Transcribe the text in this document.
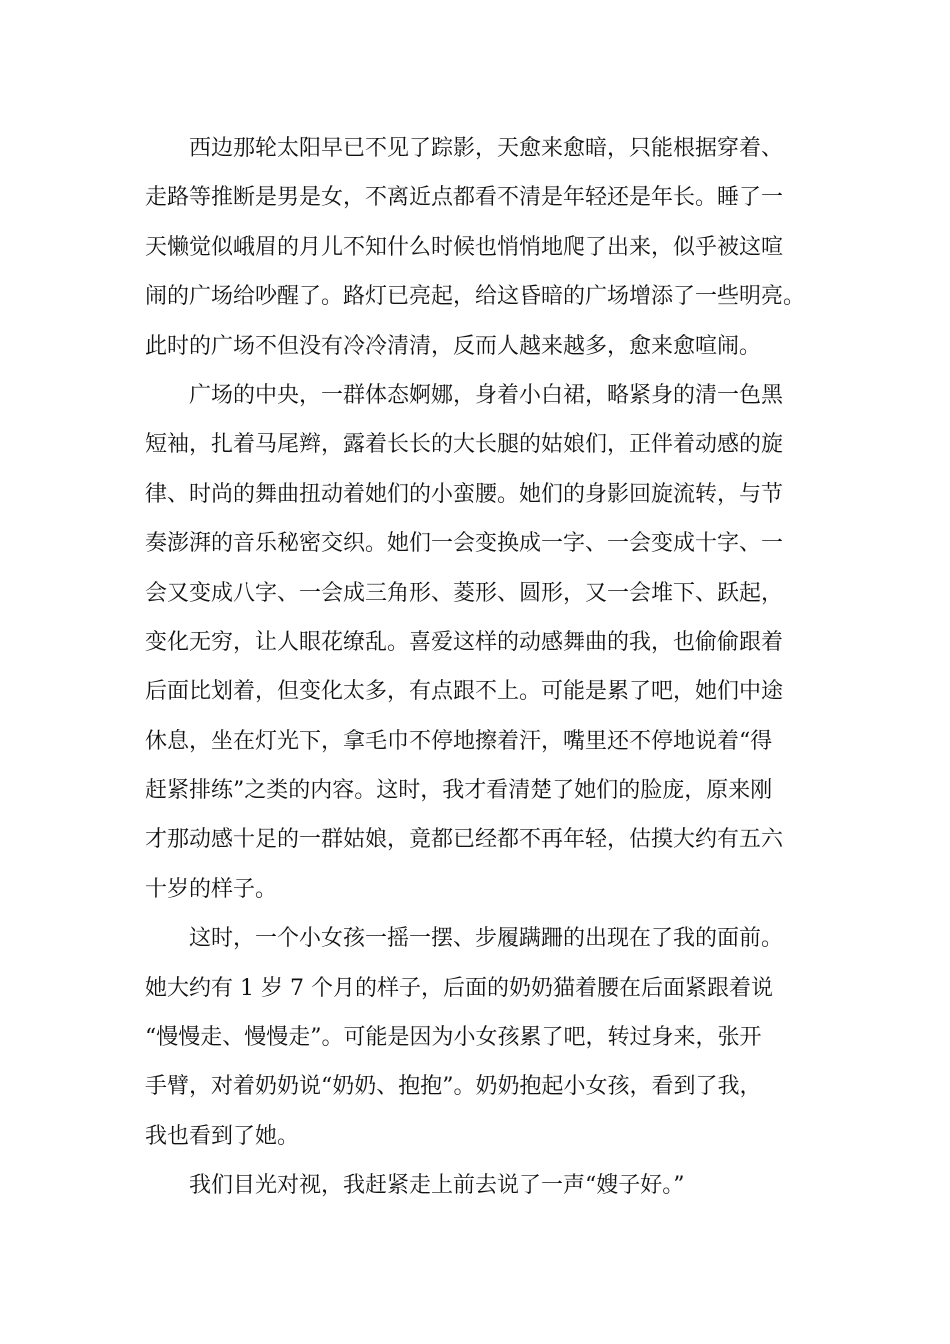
西边那轮太阳早已不见了踪影，天愈来愈暗，只能根据穿着、

走路等推断是男是女，不离近点都看不清是年轻还是年长。睡了一

天懒觉似峨眉的月儿不知什么时候也悄悄地爬了出来，似乎被这喧

闹的广场给吵醒了。路灯已亮起，给这昏暗的广场增添了一些明亮。

此时的广场不但没有冷冷清清，反而人越来越多，愈来愈喧闹。

广场的中央，一群体态婀娜，身着小白裙，略紧身的清一色黑

短袖，扎着马尾辫，露着长长的大长腿的姑娘们，正伴着动感的旋

律、时尚的舞曲扭动着她们的小蛮腰。她们的身影回旋流转，与节

奏澎湃的音乐秘密交织。她们一会变换成一字、一会变成十字、一

会又变成八字、一会成三角形、菱形、圆形，又一会堆下、跃起，

变化无穷，让人眼花缭乱。喜爱这样的动感舞曲的我，也偷偷跟着

后面比划着，但变化太多，有点跟不上。可能是累了吧，她们中途

休息，坐在灯光下，拿毛巾不停地擦着汗，嘴里还不停地说着“得

赶紧排练”之类的内容。这时，我才看清楚了她们的脸庞，原来刚

才那动感十足的一群姑娘，竟都已经都不再年轻，估摸大约有五六

十岁的样子。

这时，一个小女孩一摇一摆、步履蹒跚的出现在了我的面前。

她大约有 1 岁 7 个月的样子，后面的奶奶猫着腰在后面紧跟着说

“慢慢走、慢慢走”。可能是因为小女孩累了吧，转过身来，张开

手臂，对着奶奶说“奶奶、抱抱”。奶奶抱起小女孩，看到了我，

我也看到了她。

我们目光对视，我赶紧走上前去说了一声“嫂子好。”
